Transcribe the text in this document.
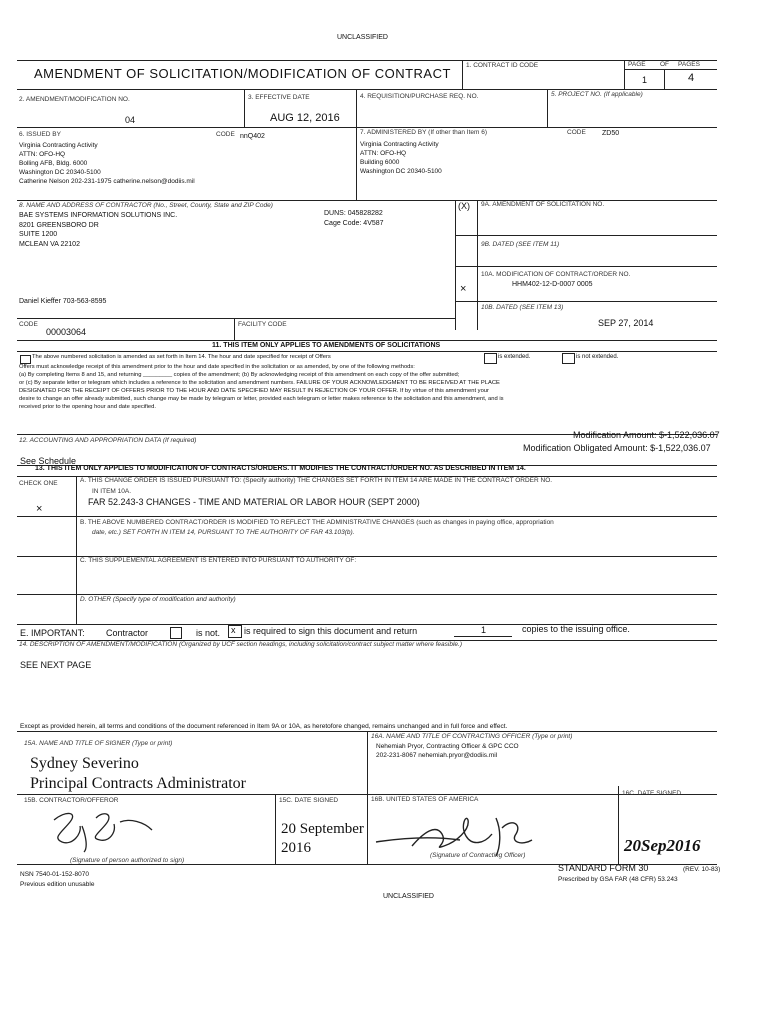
UNCLASSIFIED
AMENDMENT OF SOLICITATION/MODIFICATION OF CONTRACT
1. CONTRACT ID CODE	PAGE OF PAGES
1	4
2. AMENDMENT/MODIFICATION NO.
04
3. EFFECTIVE DATE
AUG 12, 2016
4. REQUISITION/PURCHASE REQ. NO.	5. PROJECT NO. (If applicable)
6. ISSUED BY	CODE nnQ402
Virginia Contracting Activity
ATTN: OFO-HQ
Bolling AFB, Bldg. 6000
Washington DC 20340-5100
Catherine Nelson 202-231-1975 catherine.nelson@dodiis.mil
7. ADMINISTERED BY (If other than Item 6)	CODE ZD50
Virginia Contracting Activity
ATTN: OFO-HQ
Building 6000
Washington DC 20340-5100
8. NAME AND ADDRESS OF CONTRACTOR (No., Street, County, State and ZIP Code)
BAE SYSTEMS INFORMATION SOLUTIONS INC.
8201 GREENSBORO DR
SUITE 1200
MCLEAN VA 22102
DUNS: 045828282
Cage Code: 4V587
Daniel Kieffer 703-563-8595
(X) 9A. AMENDMENT OF SOLICITATION NO.
9B. DATED (SEE ITEM 11)
10A. MODIFICATION OF CONTRACT/ORDER NO.
HHM402-12-D-0007 0005
×
10B. DATED (SEE ITEM 13)
SEP 27, 2014
CODE
00003064
FACILITY CODE
11. THIS ITEM ONLY APPLIES TO AMENDMENTS OF SOLICITATIONS
The above numbered solicitation is amended as set forth in Item 14. The hour and date specified for receipt of Offers	is extended.	is not extended.
Offers must acknowledge receipt of this amendment prior to the hour and date specified in the solicitation or as amended, by one of the following methods:
(a) By completing Items 8 and 15, and returning _________ copies of the amendment; (b) By acknowledging receipt of this amendment on each copy of the offer submitted;
or (c) By separate letter or telegram which includes a reference to the solicitation and amendment numbers. FAILURE OF YOUR ACKNOWLEDGMENT TO BE RECEIVED AT THE PLACE
DESIGNATED FOR THE RECEIPT OF OFFERS PRIOR TO THE HOUR AND DATE SPECIFIED MAY RESULT IN REJECTION OF YOUR OFFER. If by virtue of this amendment your
desire to change an offer already submitted, such change may be made by telegram or letter, provided each telegram or letter makes reference to the solicitation and this amendment, and is
received prior to the opening hour and date specified.
12. ACCOUNTING AND APPROPRIATION DATA (If required)
See Schedule
Modification Amount: $-1,522,036.07
Modification Obligated Amount: $-1,522,036.07
13. THIS ITEM ONLY APPLIES TO MODIFICATION OF CONTRACTS/ORDERS. IT MODIFIES THE CONTRACT/ORDER NO. AS DESCRIBED IN ITEM 14.
CHECK ONE	A. THIS CHANGE ORDER IS ISSUED PURSUANT TO: (Specify authority) THE CHANGES SET FORTH IN ITEM 14 ARE MADE IN THE CONTRACT ORDER NO.
IN ITEM 10A.
×
FAR 52.243-3 CHANGES - TIME AND MATERIAL OR LABOR HOUR (SEPT 2000)
B. THE ABOVE NUMBERED CONTRACT/ORDER IS MODIFIED TO REFLECT THE ADMINISTRATIVE CHANGES (such as changes in paying office, appropriation
date, etc.) SET FORTH IN ITEM 14, PURSUANT TO THE AUTHORITY OF FAR 43.103(b).
C. THIS SUPPLEMENTAL AGREEMENT IS ENTERED INTO PURSUANT TO AUTHORITY OF:
D. OTHER (Specify type of modification and authority)
E. IMPORTANT: Contractor	is not. x is required to sign this document and return	1	copies to the issuing office.
14. DESCRIPTION OF AMENDMENT/MODIFICATION (Organized by UCF section headings, including solicitation/contract subject matter where feasible.)
SEE NEXT PAGE
Except as provided herein, all terms and conditions of the document referenced in Item 9A or 10A, as heretofore changed, remains unchanged and in full force and effect.
15A. NAME AND TITLE OF SIGNER (Type or print)
Sydney Severino
Principal Contracts Administrator
16A. NAME AND TITLE OF CONTRACTING OFFICER (Type or print)
Nehemiah Pryor, Contracting Officer & GPC CCO
202-231-8067 nehemiah.pryor@dodiis.mil
15B. CONTRACTOR/OFFEROR
(Signature of person authorized to sign)
15C. DATE SIGNED
20 September 2016
16B. UNITED STATES OF AMERICA
(Signature of Contracting Officer)
16C. DATE SIGNED
20Sep2016
NSN 7540-01-152-8070
Previous edition unusable
STANDARD FORM 30	(REV. 10-83)
Prescribed by GSA FAR (48 CFR) 53.243
UNCLASSIFIED
